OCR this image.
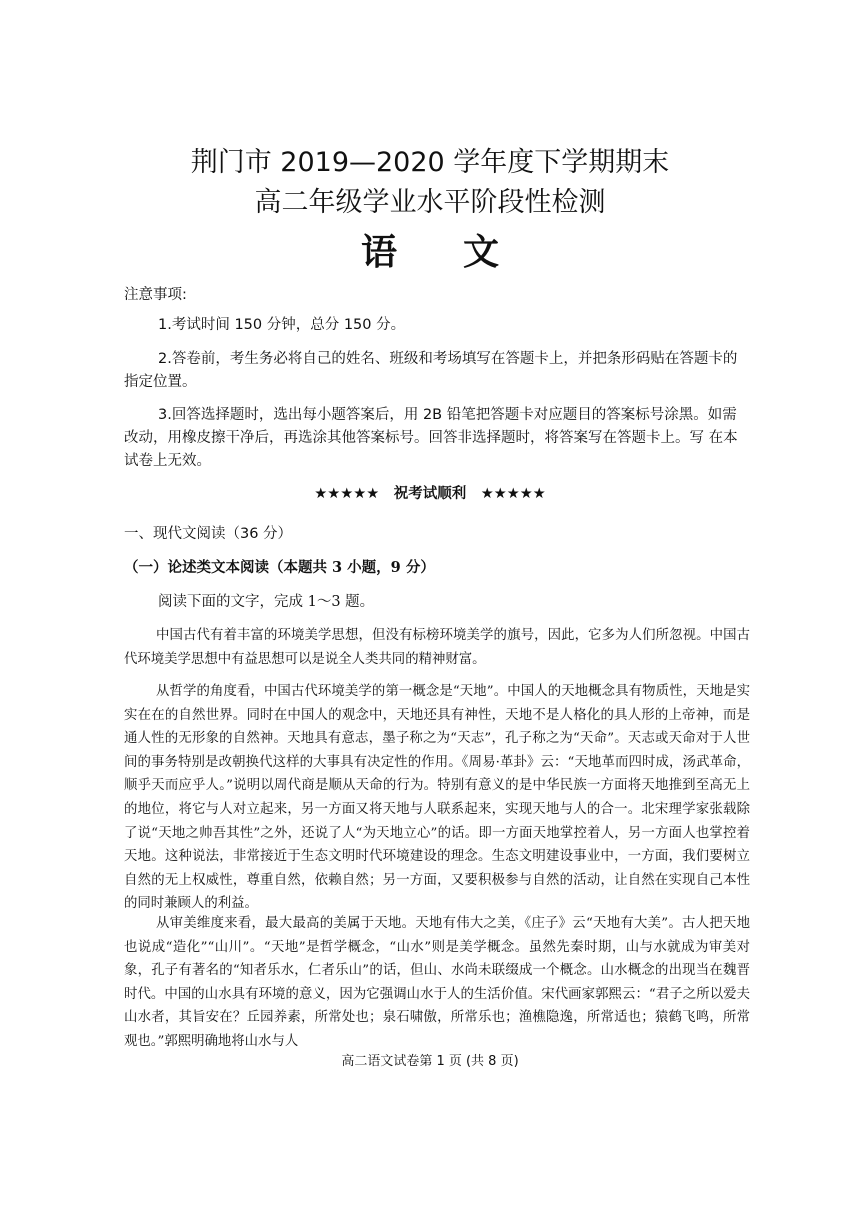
荆门市 2019—2020 学年度下学期期末
高二年级学业水平阶段性检测
语文
注意事项:
1.考试时间 150 分钟，总分 150 分。
2.答卷前，考生务必将自己的姓名、班级和考场填写在答题卡上，并把条形码贴在答题卡的指定位置。
3.回答选择题时，选出每小题答案后，用 2B 铅笔把答题卡对应题目的答案标号涂黑。如需改动，用橡皮擦干净后，再选涂其他答案标号。回答非选择题时，将答案写在答题卡上。写 在本试卷上无效。
★★★★★　祝考试顺利　★★★★★
一、现代文阅读（36 分）
（一）论述类文本阅读（本题共 3 小题，9 分）
阅读下面的文字，完成 1～3 题。
中国古代有着丰富的环境美学思想，但没有标榜环境美学的旗号，因此，它多为人们所忽视。中国古代环境美学思想中有益思想可以是说全人类共同的精神财富。
从哲学的角度看，中国古代环境美学的第一概念是“天地”。中国人的天地概念具有物质性，天地是实实在在的自然世界。同时在中国人的观念中，天地还具有神性，天地不是人格化的具人形的上帝神，而是通人性的无形象的自然神。天地具有意志，墨子称之为“天志”，孔子称之为“天命”。天志或天命对于人世间的事务特别是改朝换代这样的大事具有决定性的作用。《周易·革卦》云：“天地革而四时成，汤武革命，顺乎天而应乎人。”说明以周代商是顺从天命的行为。特别有意义的是中华民族一方面将天地推到至高无上的地位，将它与人对立起来，另一方面又将天地与人联系起来，实现天地与人的合一。北宋理学家张载除了说“天地之帅吾其性”之外，还说了人“为天地立心”的话。即一方面天地掌控着人，另一方面人也掌控着天地。这种说法，非常接近于生态文明时代环境建设的理念。生态文明建设事业中，一方面，我们要树立自然的无上权威性，尊重自然，依赖自然；另一方面，又要积极参与自然的活动，让自然在实现自己本性的同时兼顾人的利益。
从审美维度来看，最大最高的美属于天地。天地有伟大之美，《庄子》云“天地有大美”。古人把天地也说成“造化”“山川”。“天地”是哲学概念，“山水”则是美学概念。虽然先秦时期，山与水就成为审美对象，孔子有著名的“知者乐水，仁者乐山”的话，但山、水尚未联缀成一个概念。山水概念的出现当在魏晋时代。中国的山水具有环境的意义，因为它强调山水于人的生活价值。宋代画家郭熙云：“君子之所以爱夫山水者，其旨安在？丘园养素，所常处也；泉石啸傲，所常乐也；渔樵隐逸，所常适也；猿鹤飞鸣，所常观也。”郭熙明确地将山水与人
高二语文试卷第 1 页 (共 8 页)
